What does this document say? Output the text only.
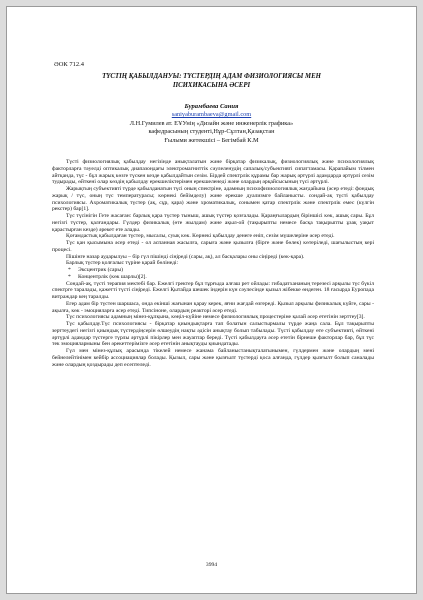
ӘОК 712.4
ТҮСТІҢ ҚАБЫЛДАНУЫ: ТҮСТЕРДІҢ АДАМ ФИЗИОЛОГИЯСЫ МЕН
ПСИХИКАСЫНА ӘСЕРІ
Бурамбаева Сания
saniyaburambaeva@gmail.com
Л.Н.Гумилев ат. ЕҰУнің «Дизайн және инженерлік графика»
кафедрасының студенті,Нұр-Сұлтан,Қазақстан
Ғылыми жетекшісі – Бегімбай К.М

Түсті физиологиялық қабылдау негізінде анықталатын және бірқатар физикалық, физиологиялық және психологиялық факторларға тәуелді оптикалық диапазондағы электромагниттік сәулеленудің сапалық/субъективті сипаттамасы. Қарапайым тілмен айтқанда, түс - бұл жарық көзге түскен кезде қабылдайтын сезім. Бірдей спектрлік құрамы бар жарық әртүрлі адамдарда әртүрлі сезім тудырады, өйткені олар көздің қабылдау ерекшеліктерімен ерекшеленеді және олардың әрқайсысының түсі әртүрлі.

Жарықтың субъективті түрде қабылданатын түсі оның спектріне, адамның психофизиологиялық жағдайына (әсер етеді: фондық жарық / түс, оның түс температурасы; көрнекі бейімделу) және ерекше дуализмге байланысты. сондай-ақ түсті қабылдау психологиясы. Ахроматикалық түстер (ақ, сұр, қара) және хроматикалық, сонымен қатар спектрлік және спектрлік емес (күлгін рекстер) бар[1].

Түс түсінігін Гете жасаған: барлық қара түстер тыныш, ашық түстер қозғалады. Қараңғылардың біріншісі көк, ашық сары. Бұл негізгі түстер, қалғандары. Гүлдер физикалық (өте жылдам) және ақыл-ой (тақырыпты немесе басқа тақырыпты ұзақ уақыт қарастырған кезде) әрекет ете алады.

Қоғамдастық қабылдаған түстер, мысалы, суық көк. Көрнекі қабылдау денеге еніп, сезім мүшелеріне әсер етеді.

Түс қан қысымына әсер етеді - ол аспанная жасылға, сарыға және қызылға (бірге және бөлек) көтеріледі, шағылыстың кері процесі.

Пішінге назар аударылуы – бір гүл пішінді сіңіреді (сары, ақ), ал басқалары оны сіңіреді (көк-қара).

Барлық түстер қолғалыс түріне қарай бөлінеді:

* Эксцентрик (сары)
* Концентрлік (көк шарлы)[2].

Сондай-ақ, түсті терапия мектебі бар. Ежелгі гректер бұл тұрғыда алғаш рет ойлады: гибадатхананың терезесі арқылы түс бүкіл спектрге таралады, қажетті түсті сіңіреді. Ежелгі Қытайда шешек індерін күн сәулесінде қызыл жібекке өндеген. 18 ғасырда Еуропада витраждар кең таралды.

Егер адам бір түстен шаршаса, онда екінші жағынан қарау керек, яғни жағдай өзгереді. Қызыл арқылы физикалық күйге, сары - ақылға, көк - эмоцияларға әсер етеді. Типсіноне, олардың реакторі әсер етеді.

Түс психологиясы адамның мінез-құлқына, көңіл-күйіне немесе физиологиялық процестеріне қалай әсер ететінін зерттеу[3].

Түс қабылдау.Түс психологиясы - бірқатар қиындықтарға тап болатын салыстырмалы түрде жаңа сала. Бұл тақырыпты зерттеудегі негізгі қиындық түстердіңсерін өлшеудің нақты әдісін анықтау болып табылады. Түсті қабылдау өте субъективті, өйткені әртүрлі адамдар түстерге түрлы әртүрлі пікірлер мен жауаптар береді. Түсті қабылдауға әсер ететін бірнеше факторлар бар, бұл түс тек эмоциялармыны бен әрекеттерімізге әсер ететінін анықтауды қиындатады.

Гүл мен мінез-құлық арасында тікелей немесе жанама байланыстанықталатынымен, гүлдермен және олардың мені бейнелейтінімен кейбір ассоциациялар болады. Қызыл, сары және қызғылт түстерді қоса алғанда, гүлдер қызғылт болып саналады және олардың қоздырады деп есептеледі.

3994
